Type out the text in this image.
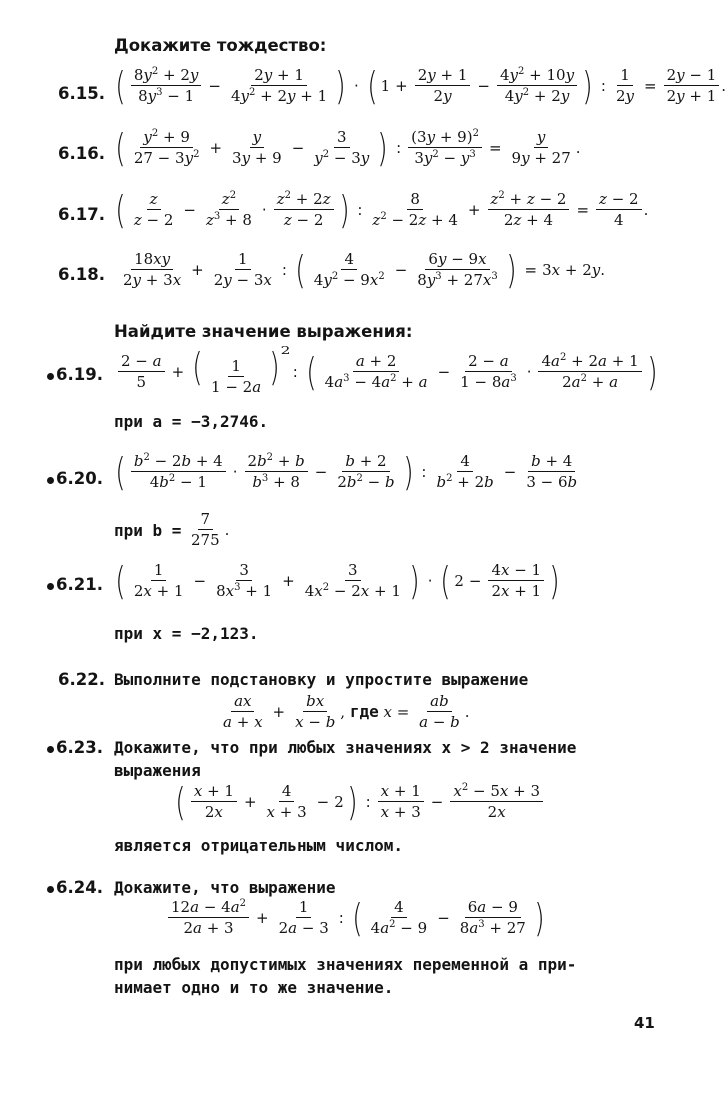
Докажите тождество:
6.15. ( $\frac{8y^2 + 2y}{8y^3 - 1} - \frac{2y + 1}{4y^2 + 2y + 1}$ ) · ( $1 + \frac{2y + 1}{2y} - \frac{4y^2 + 10y}{4y^2 + 2y}$ ) : $\frac{1}{2y} = \frac{2y - 1}{2y + 1}$ .
6.16. ( $\frac{y^2 + 9}{27 - 3y^2} + \frac{y}{3y + 9} - \frac{3}{y^2 - 3y}$ ) : $\frac{(3y + 9)^2}{3y^2 - y^3} = \frac{y}{9y + 27}$ .
6.17. ( $\frac{z}{z - 2} - \frac{z^2}{z^3 + 8} \cdot \frac{z^2 + 2z}{z - 2}$ ) : $\frac{8}{z^2 - 2z + 4} + \frac{z^2 + z - 2}{2z + 4} = \frac{z - 2}{4}$ .
6.18. $\frac{18xy}{2y + 3x} + \frac{1}{2y - 3x}$ : ( $\frac{4}{4y^2 - 9x^2} - \frac{6y - 9x}{8y^3 + 27x^3}$ ) = 3 x + 2 y .
Найдите значение выражения:
6.19. $\frac{2 - a}{5}$ + ( $\frac{1}{1 - 2a}$ ) 2

: ( $\frac{a + 2}{4a^3 - 4a^2 + a} - \frac{2 - a}{1 - 8a^3} \cdot \frac{4a^2 + 2a + 1}{2a^2 + a}$ )
при a = −3,2746.
6.20. ( $\frac{b^2 - 2b + 4}{4b^2 - 1} \cdot \frac{2b^2 + b}{b^3 + 8} - \frac{b + 2}{2b^2 - b}$ ) : $\frac{4}{b^2 + 2b} - \frac{b + 4}{3 - 6b}$
при $b = \frac{7}{275}$ .
6.21. ( $\frac{1}{2x + 1} - \frac{3}{8x^3 + 1} + \frac{3}{4x^2 - 2x + 1}$ ) · ( $2 - \frac{4x - 1}{2x + 1}$ )
при x = −2,123.
6.22. Выполните подстановку и упростите выражение
$\frac{ax}{a + x} + \frac{bx}{x - b}$ , где
$x = \frac{ab}{a - b}$ .
6.23. Докажите, что при любых значениях x > 2 значение
выражения
( $\frac{x + 1}{2x} + \frac{4}{x + 3} - 2$ ) : $\frac{x + 1}{x + 3} - \frac{x^2 - 5x + 3}{2x}$
является отрицательным числом.
6.24. Докажите, что выражение
$\frac{12a - 4a^2}{2a + 3} + \frac{1}{2a - 3}$ : ( $\frac{4}{4a^2 - 9} - \frac{6a - 9}{8a^3 + 27}$ )
при любых допустимых значениях переменной a при-
нимает одно и то же значение.
41
